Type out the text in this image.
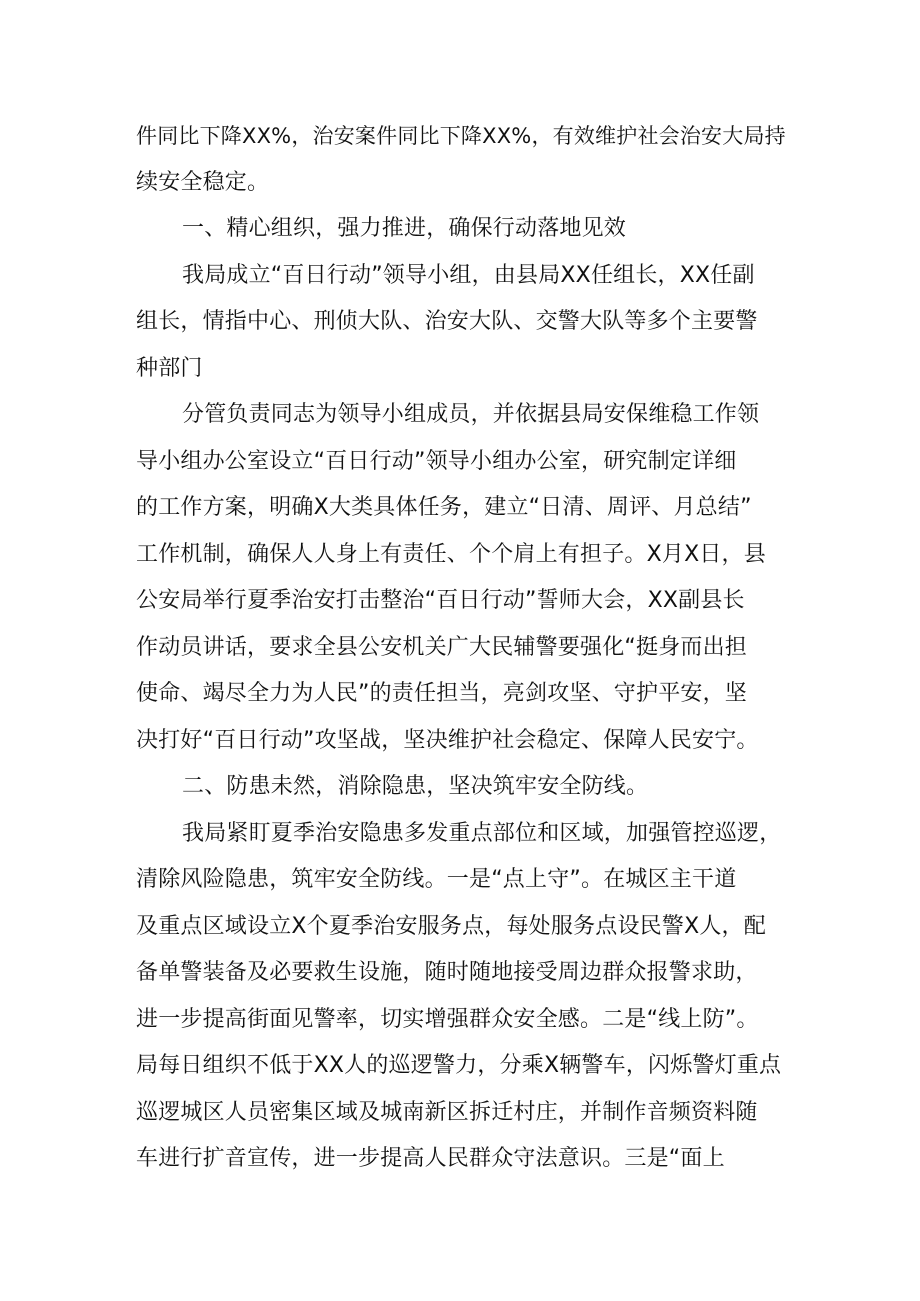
件同比下降XX%，治安案件同比下降XX%，有效维护社会治安大局持
续安全稳定。
一、精心组织，强力推进，确保行动落地见效
我局成立“百日行动”领导小组，由县局XX任组长，XX任副
组长，情指中心、刑侦大队、治安大队、交警大队等多个主要警
种部门
分管负责同志为领导小组成员，并依据县局安保维稳工作领
导小组办公室设立“百日行动”领导小组办公室，研究制定详细
的工作方案，明确X大类具体任务，建立“日清、周评、月总结”
工作机制，确保人人身上有责任、个个肩上有担子。X月X日，县
公安局举行夏季治安打击整治“百日行动”誓师大会，XX副县长
作动员讲话，要求全县公安机关广大民辅警要强化“挺身而出担
使命、竭尽全力为人民”的责任担当，亮剑攻坚、守护平安，坚
决打好“百日行动”攻坚战，坚决维护社会稳定、保障人民安宁。
二、防患未然，消除隐患，坚决筑牢安全防线。
我局紧盯夏季治安隐患多发重点部位和区域，加强管控巡逻，
清除风险隐患，筑牢安全防线。一是“点上守”。在城区主干道
及重点区域设立X个夏季治安服务点，每处服务点设民警X人，配
备单警装备及必要救生设施，随时随地接受周边群众报警求助，
进一步提高街面见警率，切实增强群众安全感。二是“线上防”。
局每日组织不低于XX人的巡逻警力，分乘X辆警车，闪烁警灯重点
巡逻城区人员密集区域及城南新区拆迁村庄，并制作音频资料随
车进行扩音宣传，进一步提高人民群众守法意识。三是“面上
